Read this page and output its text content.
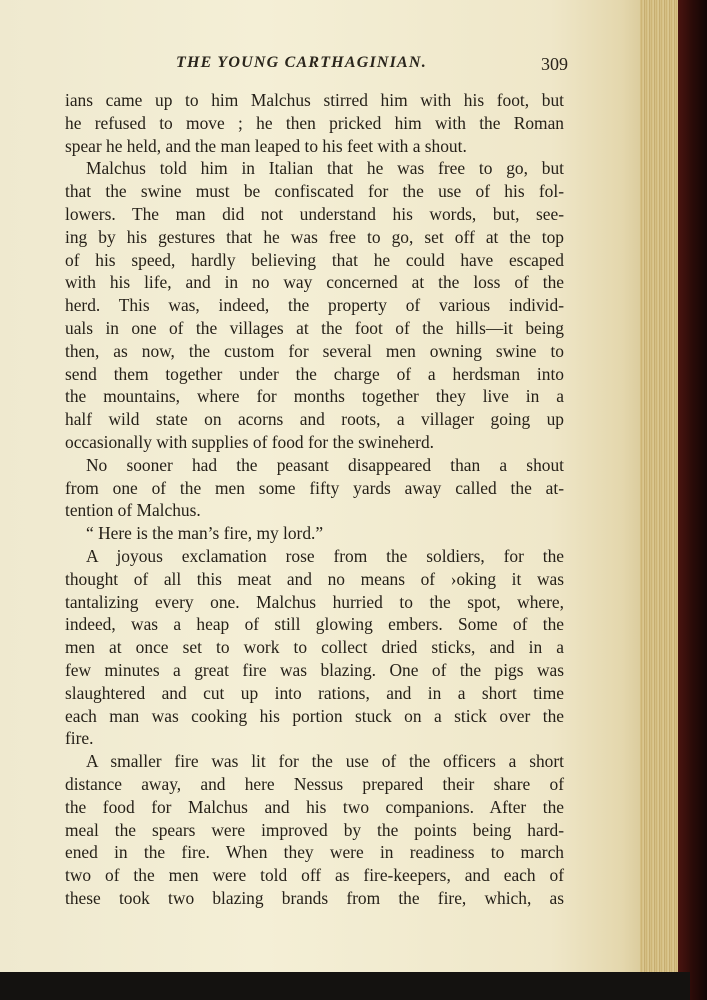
THE YOUNG CARTHAGINIAN.	309
ians came up to him Malchus stirred him with his foot, but
he refused to move ; he then pricked him with the Roman
spear he held, and the man leaped to his feet with a shout.
Malchus told him in Italian that he was free to go, but
that the swine must be confiscated for the use of his fol-
lowers. The man did not understand his words, but, see-
ing by his gestures that he was free to go, set off at the top
of his speed, hardly believing that he could have escaped
with his life, and in no way concerned at the loss of the
herd. This was, indeed, the property of various individ-
uals in one of the villages at the foot of the hills—it being
then, as now, the custom for several men owning swine to
send them together under the charge of a herdsman into
the mountains, where for months together they live in a
half wild state on acorns and roots, a villager going up
occasionally with supplies of food for the swineherd.
No sooner had the peasant disappeared than a shout
from one of the men some fifty yards away called the at-
tention of Malchus.
“ Here is the man’s fire, my lord.”
A joyous exclamation rose from the soldiers, for the
thought of all this meat and no means of ›oking it was
tantalizing every one. Malchus hurried to the spot, where,
indeed, was a heap of still glowing embers. Some of the
men at once set to work to collect dried sticks, and in a
few minutes a great fire was blazing. One of the pigs was
slaughtered and cut up into rations, and in a short time
each man was cooking his portion stuck on a stick over the
fire.
A smaller fire was lit for the use of the officers a short
distance away, and here Nessus prepared their share of
the food for Malchus and his two companions. After the
meal the spears were improved by the points being hard-
ened in the fire. When they were in readiness to march
two of the men were told off as fire-keepers, and each of
these took two blazing brands from the fire, which, as
